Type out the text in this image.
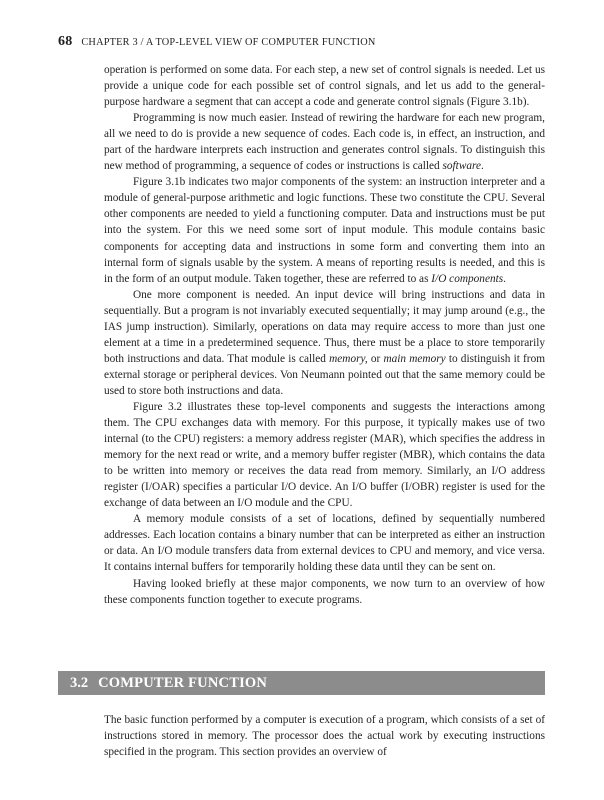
68 CHAPTER 3 / A TOP-LEVEL VIEW OF COMPUTER FUNCTION

operation is performed on some data. For each step, a new set of control signals is needed. Let us provide a unique code for each possible set of control signals, and let us add to the general-purpose hardware a segment that can accept a code and generate control signals (Figure 3.1b).

Programming is now much easier. Instead of rewiring the hardware for each new program, all we need to do is provide a new sequence of codes. Each code is, in effect, an instruction, and part of the hardware interprets each instruction and generates control signals. To distinguish this new method of programming, a sequence of codes or instructions is called software.

Figure 3.1b indicates two major components of the system: an instruction interpreter and a module of general-purpose arithmetic and logic functions. These two constitute the CPU. Several other components are needed to yield a functioning computer. Data and instructions must be put into the system. For this we need some sort of input module. This module contains basic components for accepting data and instructions in some form and converting them into an internal form of signals usable by the system. A means of reporting results is needed, and this is in the form of an output module. Taken together, these are referred to as I/O components.

One more component is needed. An input device will bring instructions and data in sequentially. But a program is not invariably executed sequentially; it may jump around (e.g., the IAS jump instruction). Similarly, operations on data may require access to more than just one element at a time in a predetermined sequence. Thus, there must be a place to store temporarily both instructions and data. That module is called memory, or main memory to distinguish it from external storage or peripheral devices. Von Neumann pointed out that the same memory could be used to store both instructions and data.

Figure 3.2 illustrates these top-level components and suggests the interactions among them. The CPU exchanges data with memory. For this purpose, it typically makes use of two internal (to the CPU) registers: a memory address register (MAR), which specifies the address in memory for the next read or write, and a memory buffer register (MBR), which contains the data to be written into memory or receives the data read from memory. Similarly, an I/O address register (I/OAR) specifies a particular I/O device. An I/O buffer (I/OBR) register is used for the exchange of data between an I/O module and the CPU.

A memory module consists of a set of locations, defined by sequentially numbered addresses. Each location contains a binary number that can be interpreted as either an instruction or data. An I/O module transfers data from external devices to CPU and memory, and vice versa. It contains internal buffers for temporarily holding these data until they can be sent on.

Having looked briefly at these major components, we now turn to an overview of how these components function together to execute programs.

3.2 COMPUTER FUNCTION

The basic function performed by a computer is execution of a program, which consists of a set of instructions stored in memory. The processor does the actual work by executing instructions specified in the program. This section provides an overview of
